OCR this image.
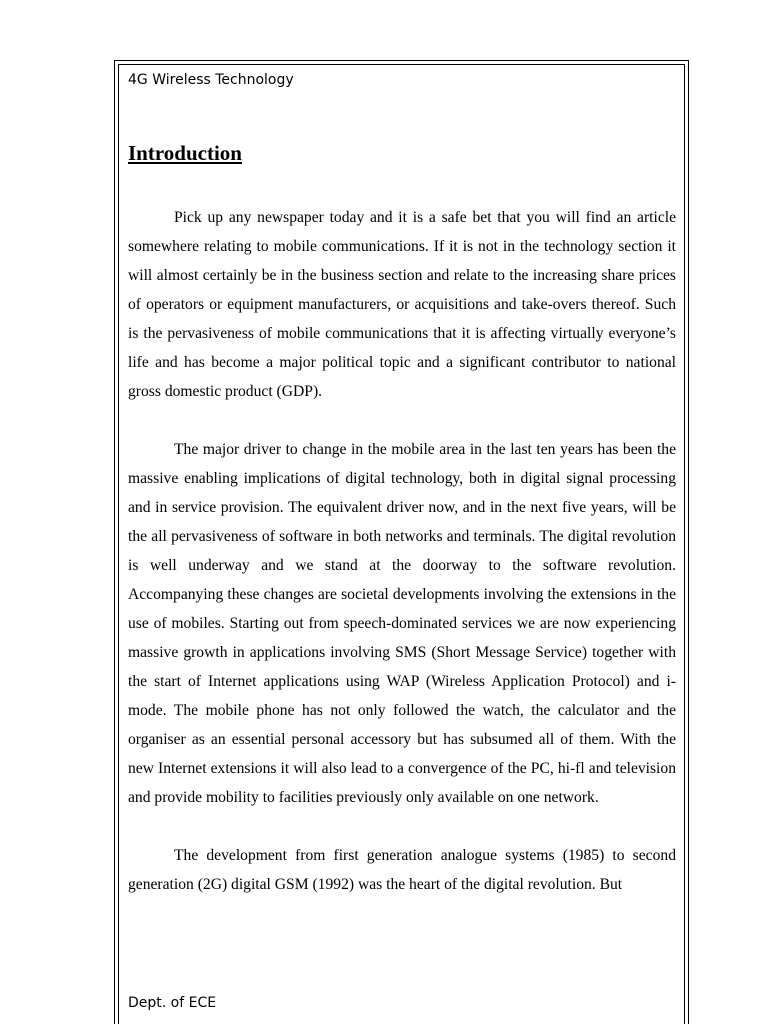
4G Wireless Technology
Introduction

Pick up any newspaper today and it is a safe bet that you will find an article somewhere relating to mobile communications. If it is not in the technology section it will almost certainly be in the business section and relate to the increasing share prices of operators or equipment manufacturers, or acquisitions and take-overs thereof. Such is the pervasiveness of mobile communications that it is affecting virtually everyone’s life and has become a major political topic and a significant contributor to national gross domestic product (GDP).

The major driver to change in the mobile area in the last ten years has been the massive enabling implications of digital technology, both in digital signal processing and in service provision. The equivalent driver now, and in the next five years, will be the all pervasiveness of software in both networks and terminals. The digital revolution is well underway and we stand at the doorway to the software revolution. Accompanying these changes are societal developments involving the extensions in the use of mobiles. Starting out from speech-dominated services we are now experiencing massive growth in applications involving SMS (Short Message Service) together with the start of Internet applications using WAP (Wireless Application Protocol) and i-mode. The mobile phone has not only followed the watch, the calculator and the organiser as an essential personal accessory but has subsumed all of them. With the new Internet extensions it will also lead to a convergence of the PC, hi-fl and television and provide mobility to facilities previously only available on one network.

The development from first generation analogue systems (1985) to second generation (2G) digital GSM (1992) was the heart of the digital revolution. But

Dept. of ECE
